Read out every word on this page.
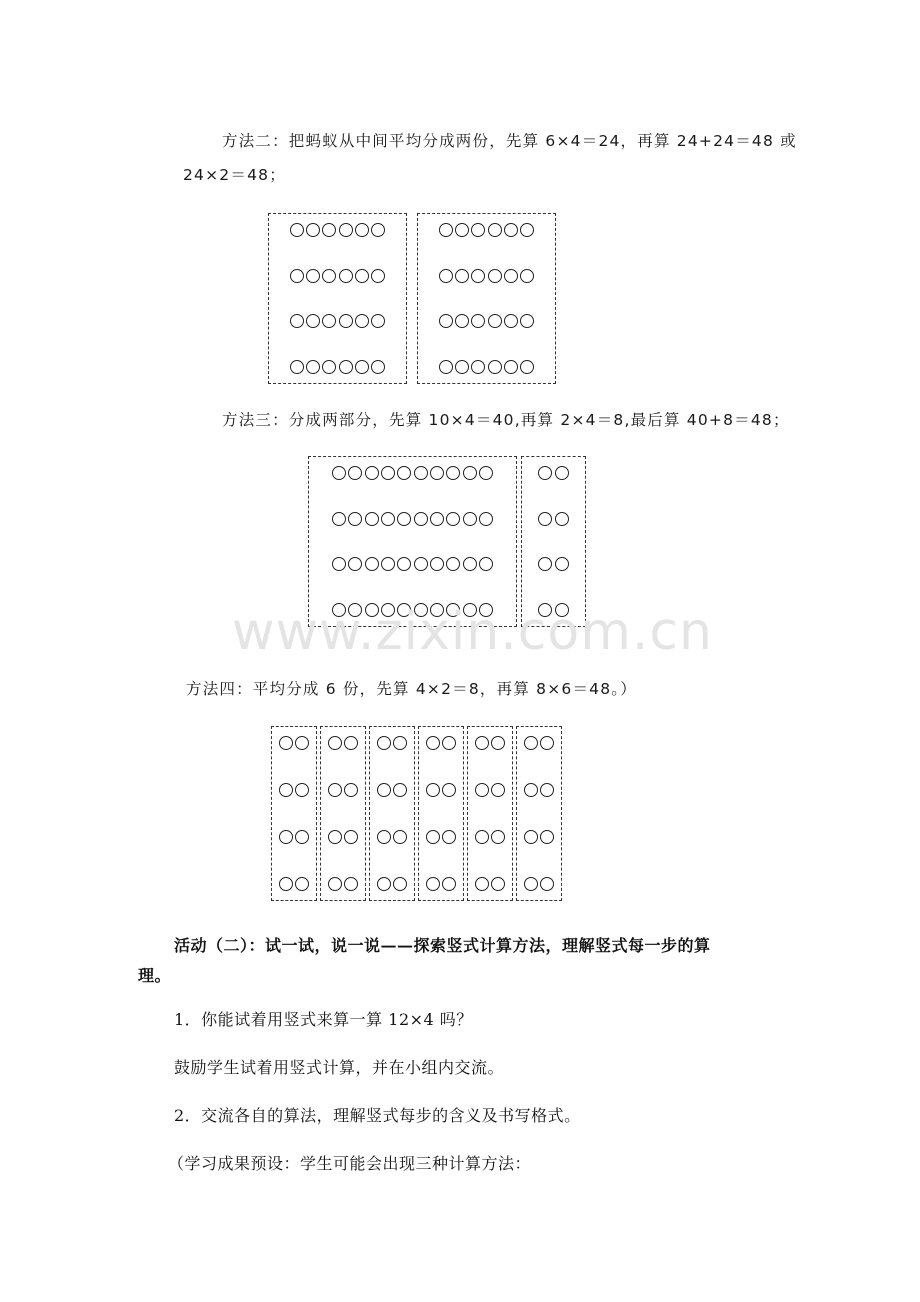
方法二：把蚂蚁从中间平均分成两份，先算 6×4＝24，再算 24+24＝48 或
24×2＝48；
方法三：分成两部分，先算 10×4＝40,再算 2×4＝8,最后算 40+8＝48；
www.zixin.com.cn
方法四：平均分成 6 份，先算 4×2＝8，再算 8×6＝48。）
活动（二）：试一试，说一说——探索竖式计算方法，理解竖式每一步的算
理。
1．你能试着用竖式来算一算 12×4 吗？
鼓励学生试着用竖式计算，并在小组内交流。
2．交流各自的算法，理解竖式每步的含义及书写格式。
（学习成果预设：学生可能会出现三种计算方法：
